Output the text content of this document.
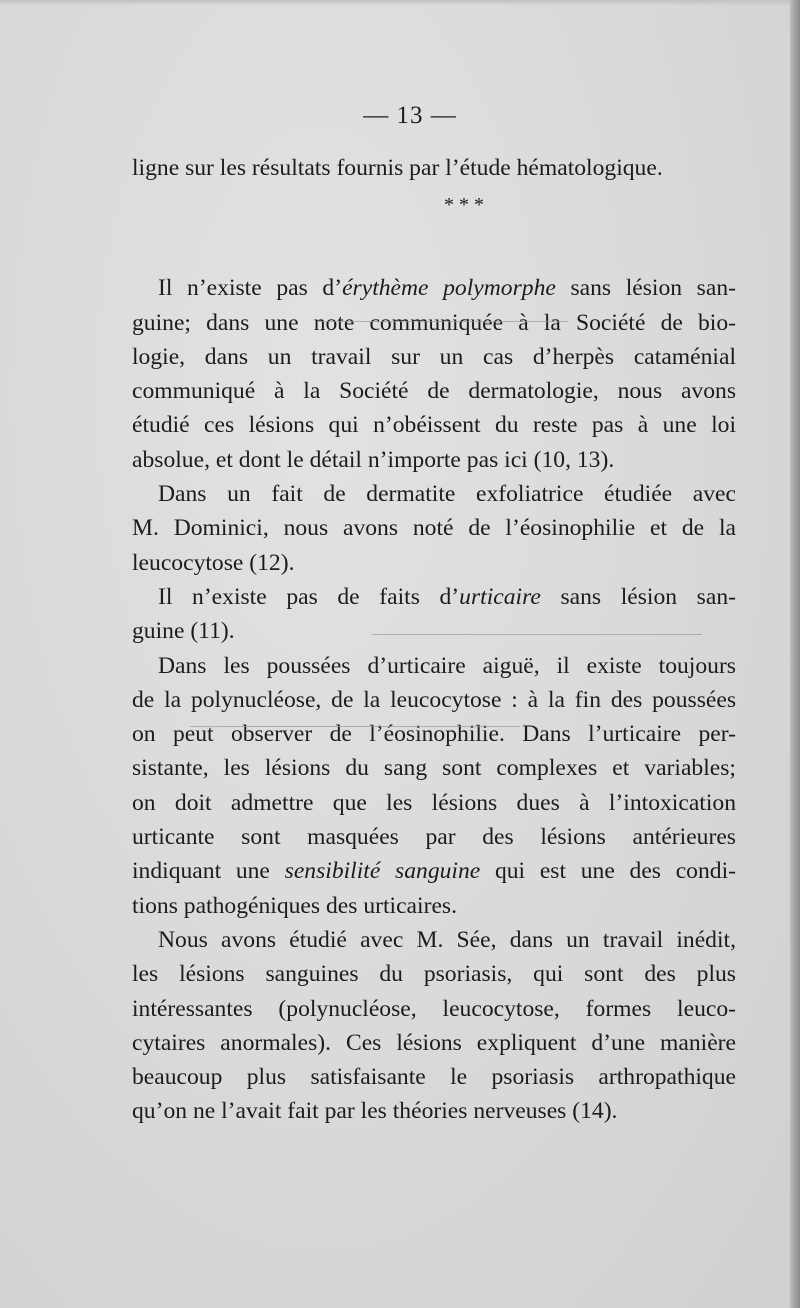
— 13 —
ligne sur les résultats fournis par l’étude hématologique.
* * *
Il n’existe pas d’érythème polymorphe sans lésion san-
guine; dans une note communiquée à la Société de bio-
logie, dans un travail sur un cas d’herpès cataménial
communiqué à la Société de dermatologie, nous avons
étudié ces lésions qui n’obéissent du reste pas à une loi
absolue, et dont le détail n’importe pas ici (10, 13).
Dans un fait de dermatite exfoliatrice étudiée avec
M. Dominici, nous avons noté de l’éosinophilie et de la
leucocytose (12).
Il n’existe pas de faits d’urticaire sans lésion san-
guine (11).
Dans les poussées d’urticaire aiguë, il existe toujours
de la polynucléose, de la leucocytose : à la fin des poussées
on peut observer de l’éosinophilie. Dans l’urticaire per-
sistante, les lésions du sang sont complexes et variables;
on doit admettre que les lésions dues à l’intoxication
urticante sont masquées par des lésions antérieures
indiquant une sensibilité sanguine qui est une des condi-
tions pathogéniques des urticaires.
Nous avons étudié avec M. Sée, dans un travail inédit,
les lésions sanguines du psoriasis, qui sont des plus
intéressantes (polynucléose, leucocytose, formes leuco-
cytaires anormales). Ces lésions expliquent d’une manière
beaucoup plus satisfaisante le psoriasis arthropathique
qu’on ne l’avait fait par les théories nerveuses (14).
